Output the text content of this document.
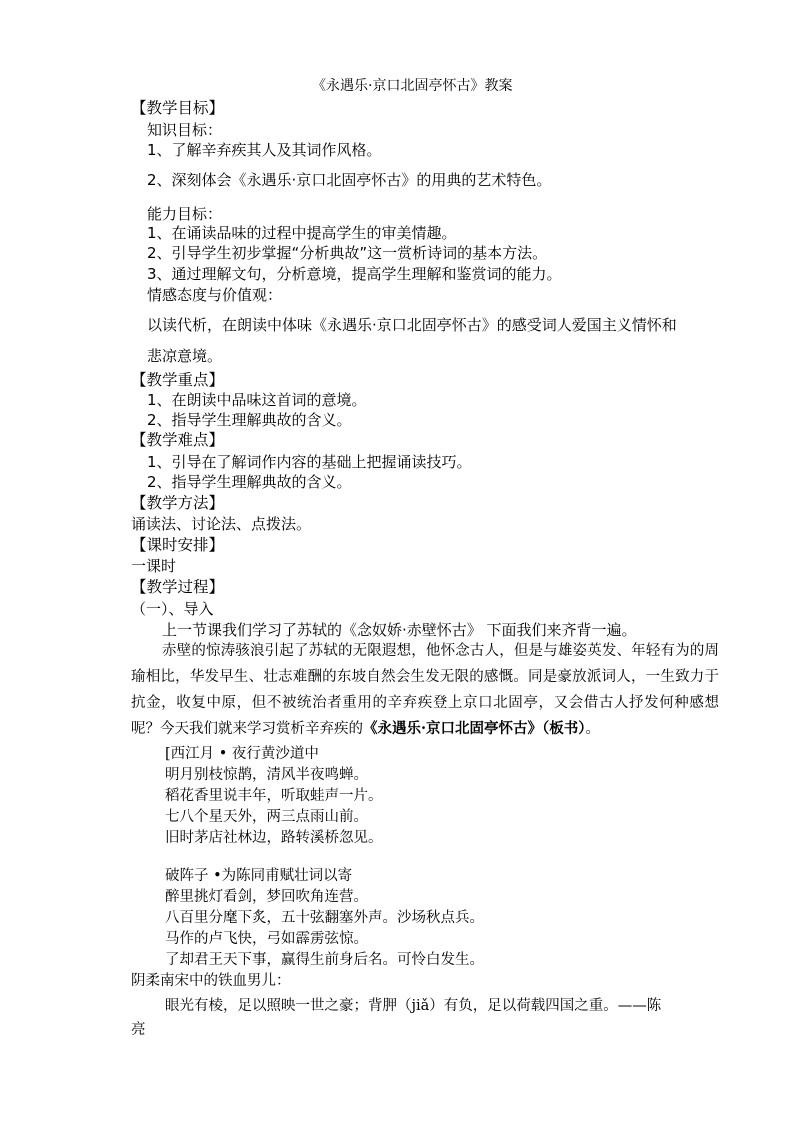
《永遇乐·京口北固亭怀古》教案
【教学目标】
知识目标：
1、了解辛弃疾其人及其词作风格。
2、深刻体会《永遇乐·京口北固亭怀古》的用典的艺术特色。
能力目标：
1、在诵读品味的过程中提高学生的审美情趣。
2、引导学生初步掌握“分析典故”这一赏析诗词的基本方法。
3、通过理解文句，分析意境，提高学生理解和鉴赏词的能力。
情感态度与价值观：
以读代析，在朗读中体味《永遇乐·京口北固亭怀古》的感受词人爱国主义情怀和
悲凉意境。
【教学重点】
1、在朗读中品味这首词的意境。
2、指导学生理解典故的含义。
【教学难点】
1、引导在了解词作内容的基础上把握诵读技巧。
2、指导学生理解典故的含义。
【教学方法】
诵读法、讨论法、点拨法。
【课时安排】
一课时
【教学过程】
（一）、导入
上一节课我们学习了苏轼的《念奴娇·赤壁怀古》 下面我们来齐背一遍。
赤壁的惊涛骇浪引起了苏轼的无限遐想，他怀念古人，但是与雄姿英发、年轻有为的周瑜相比，华发早生、壮志难酬的东坡自然会生发无限的感慨。同是豪放派词人，一生致力于抗金，收复中原，但不被统治者重用的辛弃疾登上京口北固亭，又会借古人抒发何种感想呢？今天我们就来学习赏析辛弃疾的《永遇乐·京口北固亭怀古》（板书）。
[西江月 • 夜行黄沙道中
明月别枝惊鹊，清风半夜鸣蝉。
稻花香里说丰年，听取蛙声一片。
七八个星天外，两三点雨山前。
旧时茅店社林边，路转溪桥忽见。
破阵子 •为陈同甫赋壮词以寄
醉里挑灯看剑，梦回吹角连营。
八百里分麾下炙，五十弦翻塞外声。沙场秋点兵。
马作的卢飞快，弓如霹雳弦惊。
了却君王天下事，赢得生前身后名。可怜白发生。
阴柔南宋中的铁血男儿：
眼光有棱，足以照映一世之豪；背胛（jiǎ）有负，足以荷载四国之重。——陈
亮
